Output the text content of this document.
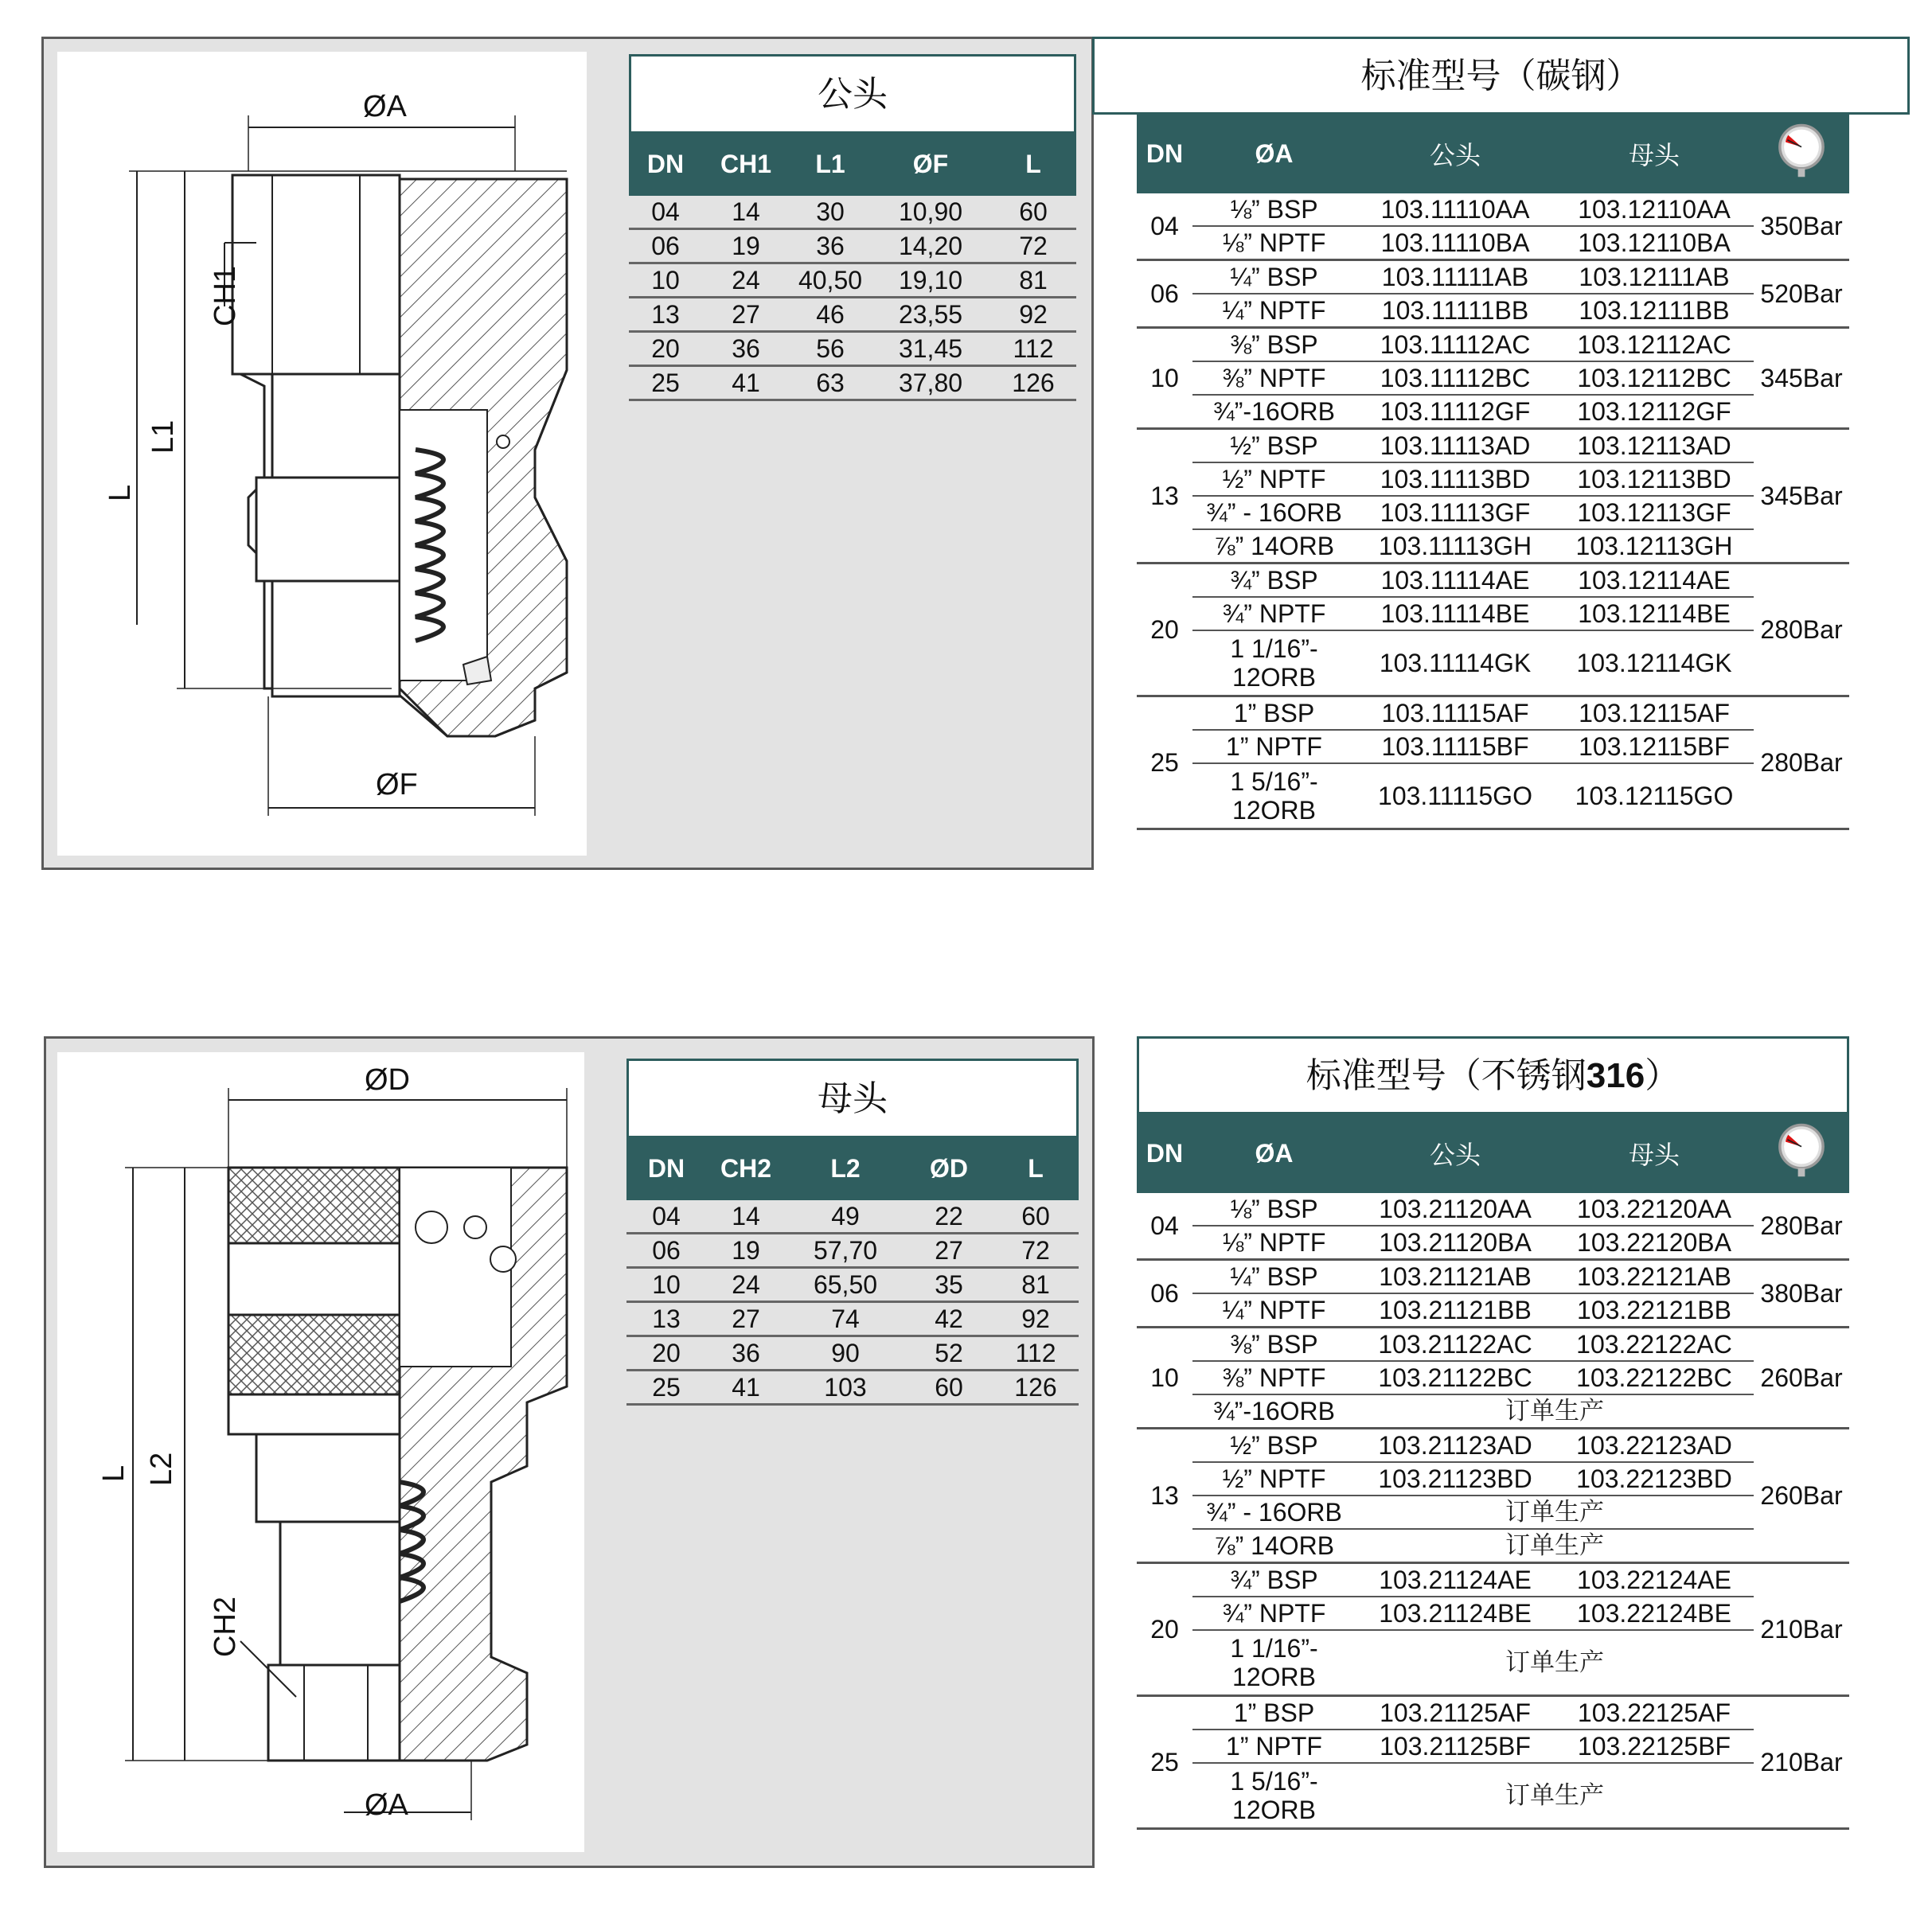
ØA
ØF
CH1
L1
L
公头
DN	CH1	L1	ØF	L
04	14	30	10,90	60
06	19	36	14,20	72
10	24	40,50	19,10	81
13	27	46	23,55	92
20	36	56	31,45	112
25	41	63	37,80	126
标准型号（碳钢）
DN	ØA	公头	母头	
04	⅛” BSP	103.11110AA	103.12110AA	350Bar
	⅛” NPTF	103.11110BA	103.12110BA	
06	¼” BSP	103.11111AB	103.12111AB	520Bar
	¼” NPTF	103.11111BB	103.12111BB	
10	⅜” BSP	103.11112AC	103.12112AC	345Bar
	⅜” NPTF	103.11112BC	103.12112BC	
	¾”-16ORB	103.11112GF	103.12112GF	
13	½” BSP	103.11113AD	103.12113AD	345Bar
	½” NPTF	103.11113BD	103.12113BD	
	¾” - 16ORB	103.11113GF	103.12113GF	
	⅞” 14ORB	103.11113GH	103.12113GH	
20	¾” BSP	103.11114AE	103.12114AE	280Bar
	¾” NPTF	103.11114BE	103.12114BE	
	1 1/16”-
12ORB	103.11114GK	103.12114GK	
25	1” BSP	103.11115AF	103.12115AF	280Bar
	1” NPTF	103.11115BF	103.12115BF	
	1 5/16”-
12ORB	103.11115GO	103.12115GO	
ØD
ØA
CH2
L2
L
母头
DN	CH2	L2	ØD	L
04	14	49	22	60
06	19	57,70	27	72
10	24	65,50	35	81
13	27	74	42	92
20	36	90	52	112
25	41	103	60	126
标准型号（不锈钢316）
DN	ØA	公头	母头	
04	⅛” BSP	103.21120AA	103.22120AA	280Bar
	⅛” NPTF	103.21120BA	103.22120BA	
06	¼” BSP	103.21121AB	103.22121AB	380Bar
	¼” NPTF	103.21121BB	103.22121BB	
10	⅜” BSP	103.21122AC	103.22122AC	260Bar
	⅜” NPTF	103.21122BC	103.22122BC	
	¾”-16ORB	订单生产		
13	½” BSP	103.21123AD	103.22123AD	260Bar
	½” NPTF	103.21123BD	103.22123BD	
	¾” - 16ORB	订单生产		
	⅞” 14ORB	订单生产		
20	¾” BSP	103.21124AE	103.22124AE	210Bar
	¾” NPTF	103.21124BE	103.22124BE	
	1 1/16”-
12ORB	订单生产		
25	1” BSP	103.21125AF	103.22125AF	210Bar
	1” NPTF	103.21125BF	103.22125BF	
	1 5/16”-
12ORB	订单生产		
